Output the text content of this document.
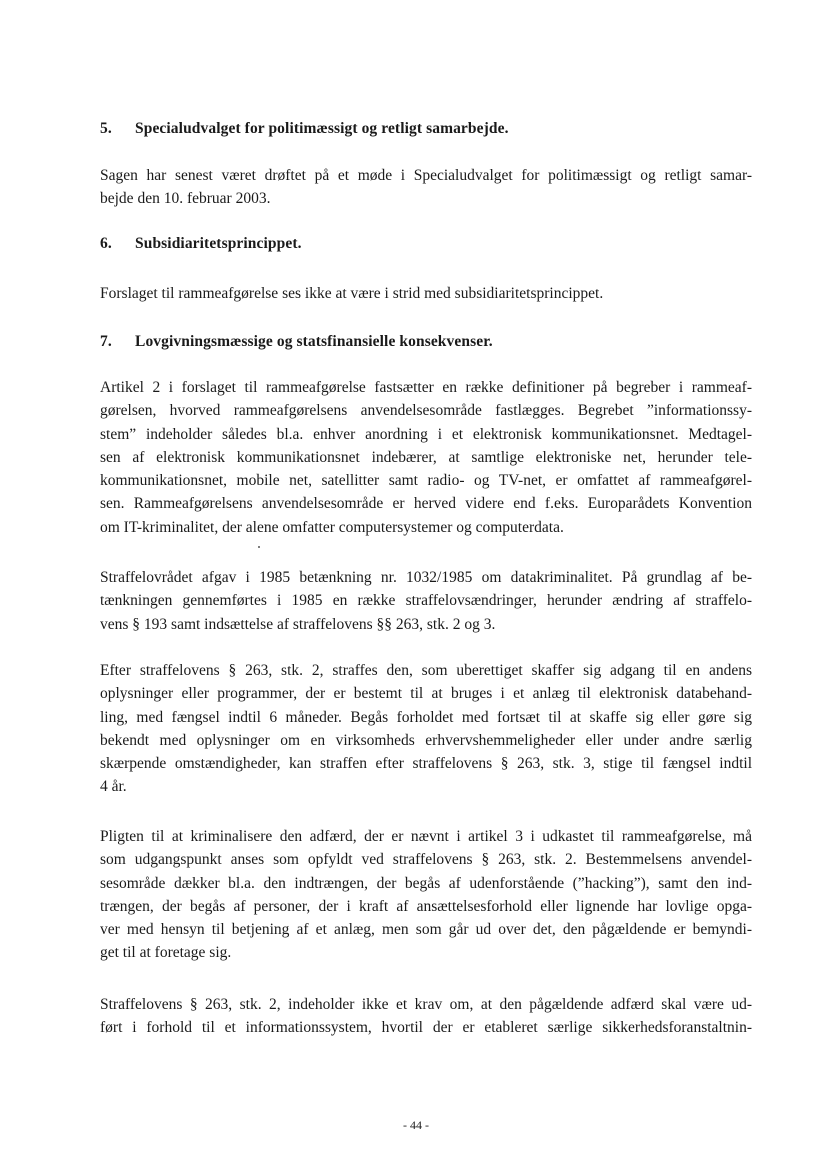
5. Specialudvalget for politimæssigt og retligt samarbejde.
Sagen har senest været drøftet på et møde i Specialudvalget for politimæssigt og retligt samar-
bejde den 10. februar 2003.
6. Subsidiaritetsprincippet.
Forslaget til rammeafgørelse ses ikke at være i strid med subsidiaritetsprincippet.
7. Lovgivningsmæssige og statsfinansielle konsekvenser.
Artikel 2 i forslaget til rammeafgørelse fastsætter en række definitioner på begreber i rammeaf-
gørelsen, hvorved rammeafgørelsens anvendelsesområde fastlægges. Begrebet ”informationssy-
stem” indeholder således bl.a. enhver anordning i et elektronisk kommunikationsnet. Medtagel-
sen af elektronisk kommunikationsnet indebærer, at samtlige elektroniske net, herunder tele-
kommunikationsnet, mobile net, satellitter samt radio- og TV-net, er omfattet af rammeafgørel-
sen. Rammeafgørelsens anvendelsesområde er herved videre end f.eks. Europarådets Konvention
om IT-kriminalitet, der alene omfatter computersystemer og computerdata.
Straffelovrådet afgav i 1985 betænkning nr. 1032/1985 om datakriminalitet. På grundlag af be-
tænkningen gennemførtes i 1985 en række straffelovsændringer, herunder ændring af straffelo-
vens § 193 samt indsættelse af straffelovens §§ 263, stk. 2 og 3.
Efter straffelovens § 263, stk. 2, straffes den, som uberettiget skaffer sig adgang til en andens
oplysninger eller programmer, der er bestemt til at bruges i et anlæg til elektronisk databehand-
ling, med fængsel indtil 6 måneder. Begås forholdet med fortsæt til at skaffe sig eller gøre sig
bekendt med oplysninger om en virksomheds erhvervshemmeligheder eller under andre særlig
skærpende omstændigheder, kan straffen efter straffelovens § 263, stk. 3, stige til fængsel indtil
4 år.
Pligten til at kriminalisere den adfærd, der er nævnt i artikel 3 i udkastet til rammeafgørelse, må
som udgangspunkt anses som opfyldt ved straffelovens § 263, stk. 2. Bestemmelsens anvendel-
sesområde dækker bl.a. den indtrængen, der begås af udenforstående (”hacking”), samt den ind-
trængen, der begås af personer, der i kraft af ansættelsesforhold eller lignende har lovlige opga-
ver med hensyn til betjening af et anlæg, men som går ud over det, den pågældende er bemyndi-
get til at foretage sig.
Straffelovens § 263, stk. 2, indeholder ikke et krav om, at den pågældende adfærd skal være ud-
ført i forhold til et informationssystem, hvortil der er etableret særlige sikkerhedsforanstaltnin-
- 44 -
